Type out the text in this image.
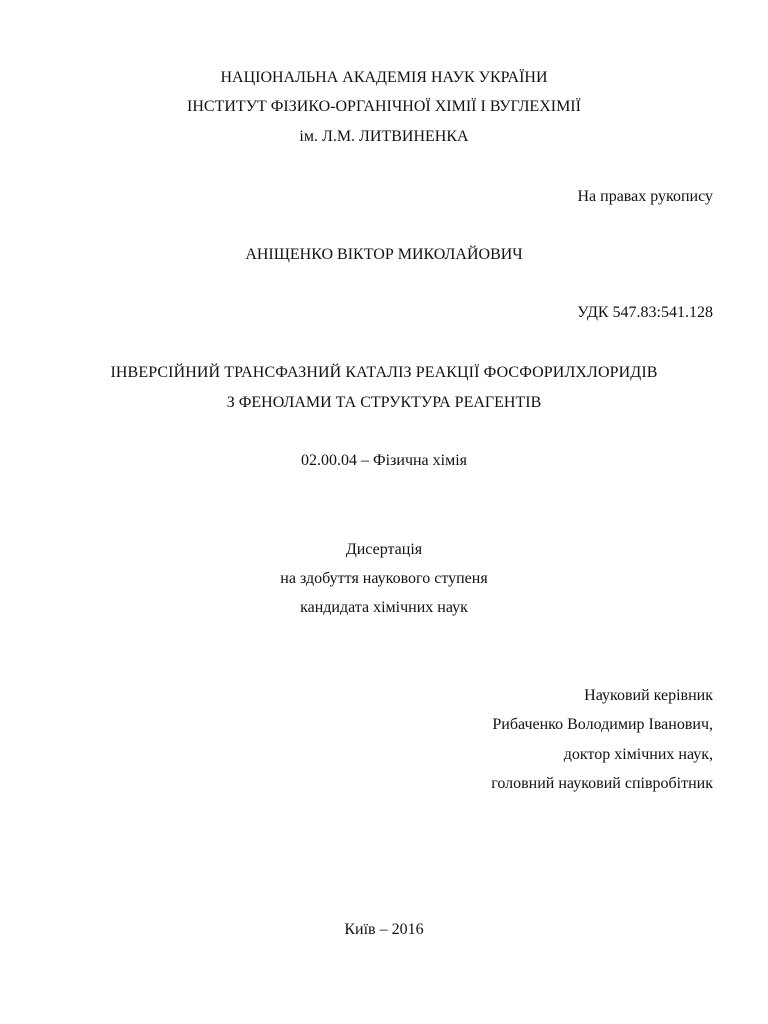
НАЦІОНАЛЬНА АКАДЕМІЯ НАУК УКРАЇНИ
ІНСТИТУТ ФІЗИКО-ОРГАНІЧНОЇ ХІМІЇ І ВУГЛЕХІМІЇ
ім. Л.М. ЛИТВИНЕНКА
На правах рукопису
АНІЩЕНКО ВІКТОР МИКОЛАЙОВИЧ
УДК 547.83:541.128
ІНВЕРСІЙНИЙ ТРАНСФАЗНИЙ КАТАЛІЗ РЕАКЦІЇ ФОСФОРИЛХЛОРИДІВ
З ФЕНОЛАМИ ТА СТРУКТУРА РЕАГЕНТІВ
02.00.04 – Фізична хімія
Дисертація
на здобуття наукового ступеня
кандидата хімічних наук
Науковий керівник
Рибаченко Володимир Іванович,
доктор хімічних наук,
головний науковий співробітник
Київ – 2016
